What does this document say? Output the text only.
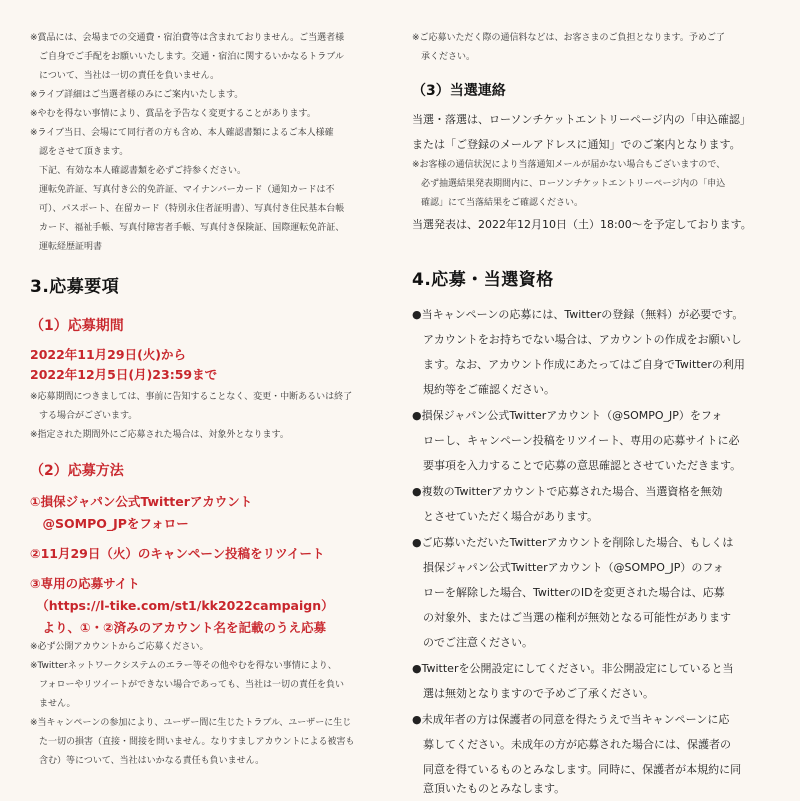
※賞品には、会場までの交通費・宿泊費等は含まれておりません。ご当選者様
　ご自身でご手配をお願いいたします。交通・宿泊に関するいかなるトラブル
　について、当社は一切の責任を負いません。
※ライブ詳細はご当選者様のみにご案内いたします。
※やむを得ない事情により、賞品を予告なく変更することがあります。
※ライブ当日、会場にて同行者の方も含め、本人確認書類によるご本人様確
　認をさせて頂きます。
　下記、有効な本人確認書類を必ずご持参ください。
　運転免許証、写真付き公的免許証、マイナンバーカード（通知カードは不
　可）、パスポート、在留カード（特別永住者証明書）、写真付き住民基本台帳
　カード、福祉手帳、写真付障害者手帳、写真付き保険証、国際運転免許証、
　運転経歴証明書
3.応募要項
（1）応募期間
2022年11月29日(火)から
2022年12月5日(月)23:59まで
※応募期間につきましては、事前に告知することなく、変更・中断あるいは終了
　する場合がございます。
※指定された期間外にご応募された場合は、対象外となります。
（2）応募方法
①損保ジャパン公式Twitterアカウント
　@SOMPO_JPをフォロー
②11月29日（火）のキャンペーン投稿をリツイート
③専用の応募サイト
　（https://l-tike.com/st1/kk2022campaign）
　より、①・②済みのアカウント名を記載のうえ応募
※必ず公開アカウントからご応募ください。
※Twitterネットワークシステムのエラー等その他やむを得ない事情により、
　フォローやリツイートができない場合であっても、当社は一切の責任を負い
　ません。
※当キャンペーンの参加により、ユーザー間に生じたトラブル、ユーザーに生じ
　た一切の損害（直接・間接を問いません。なりすましアカウントによる被害も
　含む）等について、当社はいかなる責任も負いません。
※ご応募いただく際の通信料などは、お客さまのご負担となります。予めご了
　承ください。
（3）当選連絡
当選・落選は、ローソンチケットエントリーページ内の「申込確認」
または「ご登録のメールアドレスに通知」でのご案内となります。
※お客様の通信状況により当落通知メールが届かない場合もございますので、
　必ず抽選結果発表期間内に、ローソンチケットエントリーページ内の「申込
　確認」にて当落結果をご確認ください。
当選発表は、2022年12月10日（土）18:00〜を予定しております。
4.応募・当選資格
●当キャンペーンの応募には、Twitterの登録（無料）が必要です。
　アカウントをお持ちでない場合は、アカウントの作成をお願いし
　ます。なお、アカウント作成にあたってはご自身でTwitterの利用
　規約等をご確認ください。
●損保ジャパン公式Twitterアカウント（@SOMPO_JP）をフォ
　ローし、キャンペーン投稿をリツイート、専用の応募サイトに必
　要事項を入力することで応募の意思確認とさせていただきます。
●複数のTwitterアカウントで応募された場合、当選資格を無効
　とさせていただく場合があります。
●ご応募いただいたTwitterアカウントを削除した場合、もしくは
　損保ジャパン公式Twitterアカウント（@SOMPO_JP）のフォ
　ローを解除した場合、TwitterのIDを変更された場合は、応募
　の対象外、またはご当選の権利が無効となる可能性があります
　のでご注意ください。
●Twitterを公開設定にしてください。非公開設定にしていると当
　選は無効となりますので予めご了承ください。
●未成年者の方は保護者の同意を得たうえで当キャンペーンに応
　募してください。未成年の方が応募された場合には、保護者の
　同意を得ているものとみなします。同時に、保護者が本規約に同
　意頂いたものとみなします。
